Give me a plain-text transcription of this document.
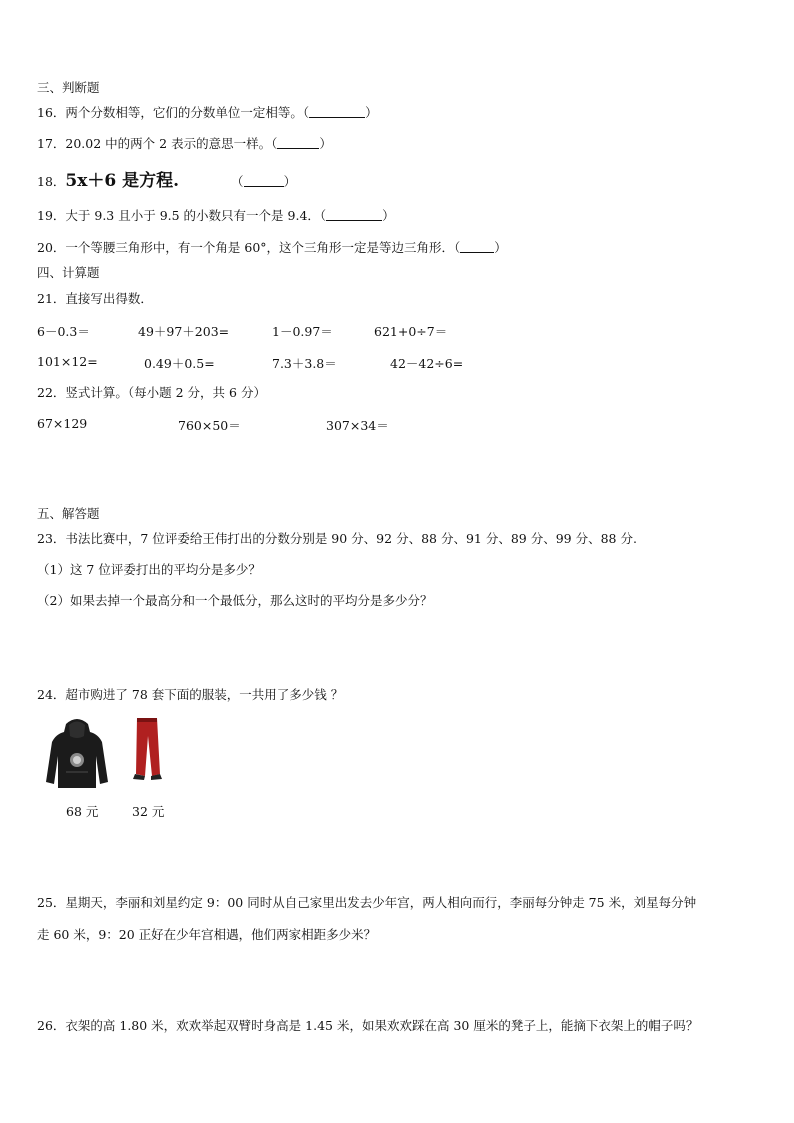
三、判断题
16．两个分数相等，它们的分数单位一定相等。（	）
17．20.02 中的两个 2 表示的意思一样。（	）
18．5x＋6 是方程.	（	）
19．大于 9.3 且小于 9.5 的小数只有一个是 9.4．（	）
20．一个等腰三角形中，有一个角是 60°，这个三角形一定是等边三角形．（	）
四、计算题
21．直接写出得数．
6－0.3＝	49＋97＋203=	1－0.97＝	621+0÷7＝
101×12=	0.49＋0.5=	7.3＋3.8＝	42－42÷6=
22．竖式计算。（每小题 2 分，共 6 分）
67×129	760×50＝	307×34＝
五、解答题
23．书法比赛中，7 位评委给王伟打出的分数分别是 90 分、92 分、88 分、91 分、89 分、99 分、88 分.
（1）这 7 位评委打出的平均分是多少？
（2）如果去掉一个最高分和一个最低分，那么这时的平均分是多少分？
24．超市购进了 78 套下面的服装，一共用了多少钱 ？
68 元	32 元
25．星期天，李丽和刘星约定 9：00 同时从自己家里出发去少年宫，两人相向而行，李丽每分钟走 75 米，刘星每分钟
走 60 米，9：20 正好在少年宫相遇，他们两家相距多少米？
26．衣架的高 1.80 米，欢欢举起双臂时身高是 1.45 米，如果欢欢踩在高 30 厘米的凳子上，能摘下衣架上的帽子吗？
